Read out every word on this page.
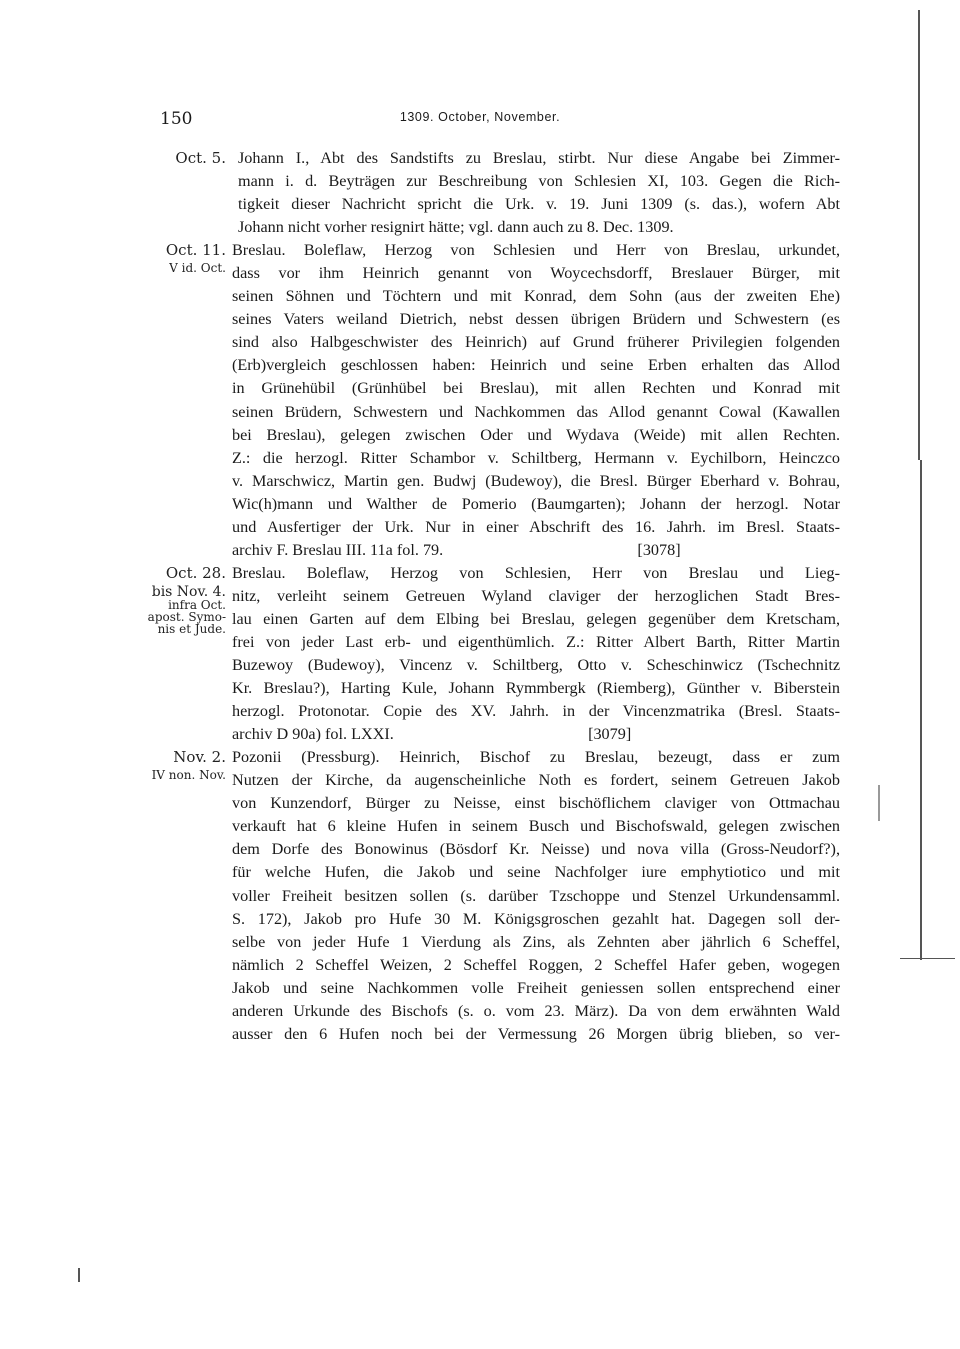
150	1309. October, November.
Oct. 5. Johann I., Abt des Sandstifts zu Breslau, stirbt. Nur diese Angabe bei Zimmer-
mann i. d. Beyträgen zur Beschreibung von Schlesien XI, 103. Gegen die Rich-
tigkeit dieser Nachricht spricht die Urk. v. 19. Juni 1309 (s. das.), wofern Abt
Johann nicht vorher resignirt hätte; vgl. dann auch zu 8. Dec. 1309.
Oct. 11.
V id. Oct.
Breslau. Boleflaw, Herzog von Schlesien und Herr von Breslau, urkundet,
dass vor ihm Heinrich genannt von Woycechsdorff, Breslauer Bürger, mit
seinen Söhnen und Töchtern und mit Konrad, dem Sohn (aus der zweiten Ehe)
seines Vaters weiland Dietrich, nebst dessen übrigen Brüdern und Schwestern (es
sind also Halbgeschwister des Heinrich) auf Grund früherer Privilegien folgenden
(Erb)vergleich geschlossen haben: Heinrich und seine Erben erhalten das Allod
in Grünehübil (Grünhübel bei Breslau), mit allen Rechten und Konrad mit
seinen Brüdern, Schwestern und Nachkommen das Allod genannt Cowal (Kawallen
bei Breslau), gelegen zwischen Oder und Wydava (Weide) mit allen Rechten.
Z.: die herzogl. Ritter Schambor v. Schiltberg, Hermann v. Eychilborn, Heinczco
v. Marschwicz, Martin gen. Budwj (Budewoy), die Bresl. Bürger Eberhard v. Bohrau,
Wic(h)mann und Walther de Pomerio (Baumgarten); Johann der herzogl. Notar
und Ausfertiger der Urk. Nur in einer Abschrift des 16. Jahrh. im Bresl. Staats-
archiv F. Breslau III. 11a fol. 79.                                                [3078]
Oct. 28.
bis Nov. 4.
infra Oct.
apost. Symo-
nis et Jude.
Breslau. Boleflaw, Herzog von Schlesien, Herr von Breslau und Lieg-
nitz, verleiht seinem Getreuen Wyland claviger der herzoglichen Stadt Bres-
lau einen Garten auf dem Elbing bei Breslau, gelegen gegenüber dem Kretscham,
frei von jeder Last erb- und eigenthümlich. Z.: Ritter Albert Barth, Ritter Martin
Buzewoy (Budewoy), Vincenz v. Schiltberg, Otto v. Scheschinwicz (Tschechnitz
Kr. Breslau?), Harting Kule, Johann Rymmbergk (Riemberg), Günther v. Biberstein
herzogl. Protonotar. Copie des XV. Jahrh. in der Vincenzmatrika (Bresl. Staats-
archiv D 90a) fol. LXXI.                                                [3079]
Nov. 2.
IV non. Nov.
Pozonii (Pressburg). Heinrich, Bischof zu Breslau, bezeugt, dass er zum
Nutzen der Kirche, da augenscheinliche Noth es fordert, seinem Getreuen Jakob
von Kunzendorf, Bürger zu Neisse, einst bischöflichem claviger von Ottmachau
verkauft hat 6 kleine Hufen in seinem Busch und Bischofswald, gelegen zwischen
dem Dorfe des Bonowinus (Bösdorf Kr. Neisse) und nova villa (Gross-Neudorf?),
für welche Hufen, die Jakob und seine Nachfolger iure emphytiotico und mit
voller Freiheit besitzen sollen (s. darüber Tzschoppe und Stenzel Urkundensamml.
S. 172), Jakob pro Hufe 30 M. Königsgroschen gezahlt hat. Dagegen soll der-
selbe von jeder Hufe 1 Vierdung als Zins, als Zehnten aber jährlich 6 Scheffel,
nämlich 2 Scheffel Weizen, 2 Scheffel Roggen, 2 Scheffel Hafer geben, wogegen
Jakob und seine Nachkommen volle Freiheit geniessen sollen entsprechend einer
anderen Urkunde des Bischofs (s. o. vom 23. März). Da von dem erwähnten Wald
ausser den 6 Hufen noch bei der Vermessung 26 Morgen übrig blieben, so ver-
